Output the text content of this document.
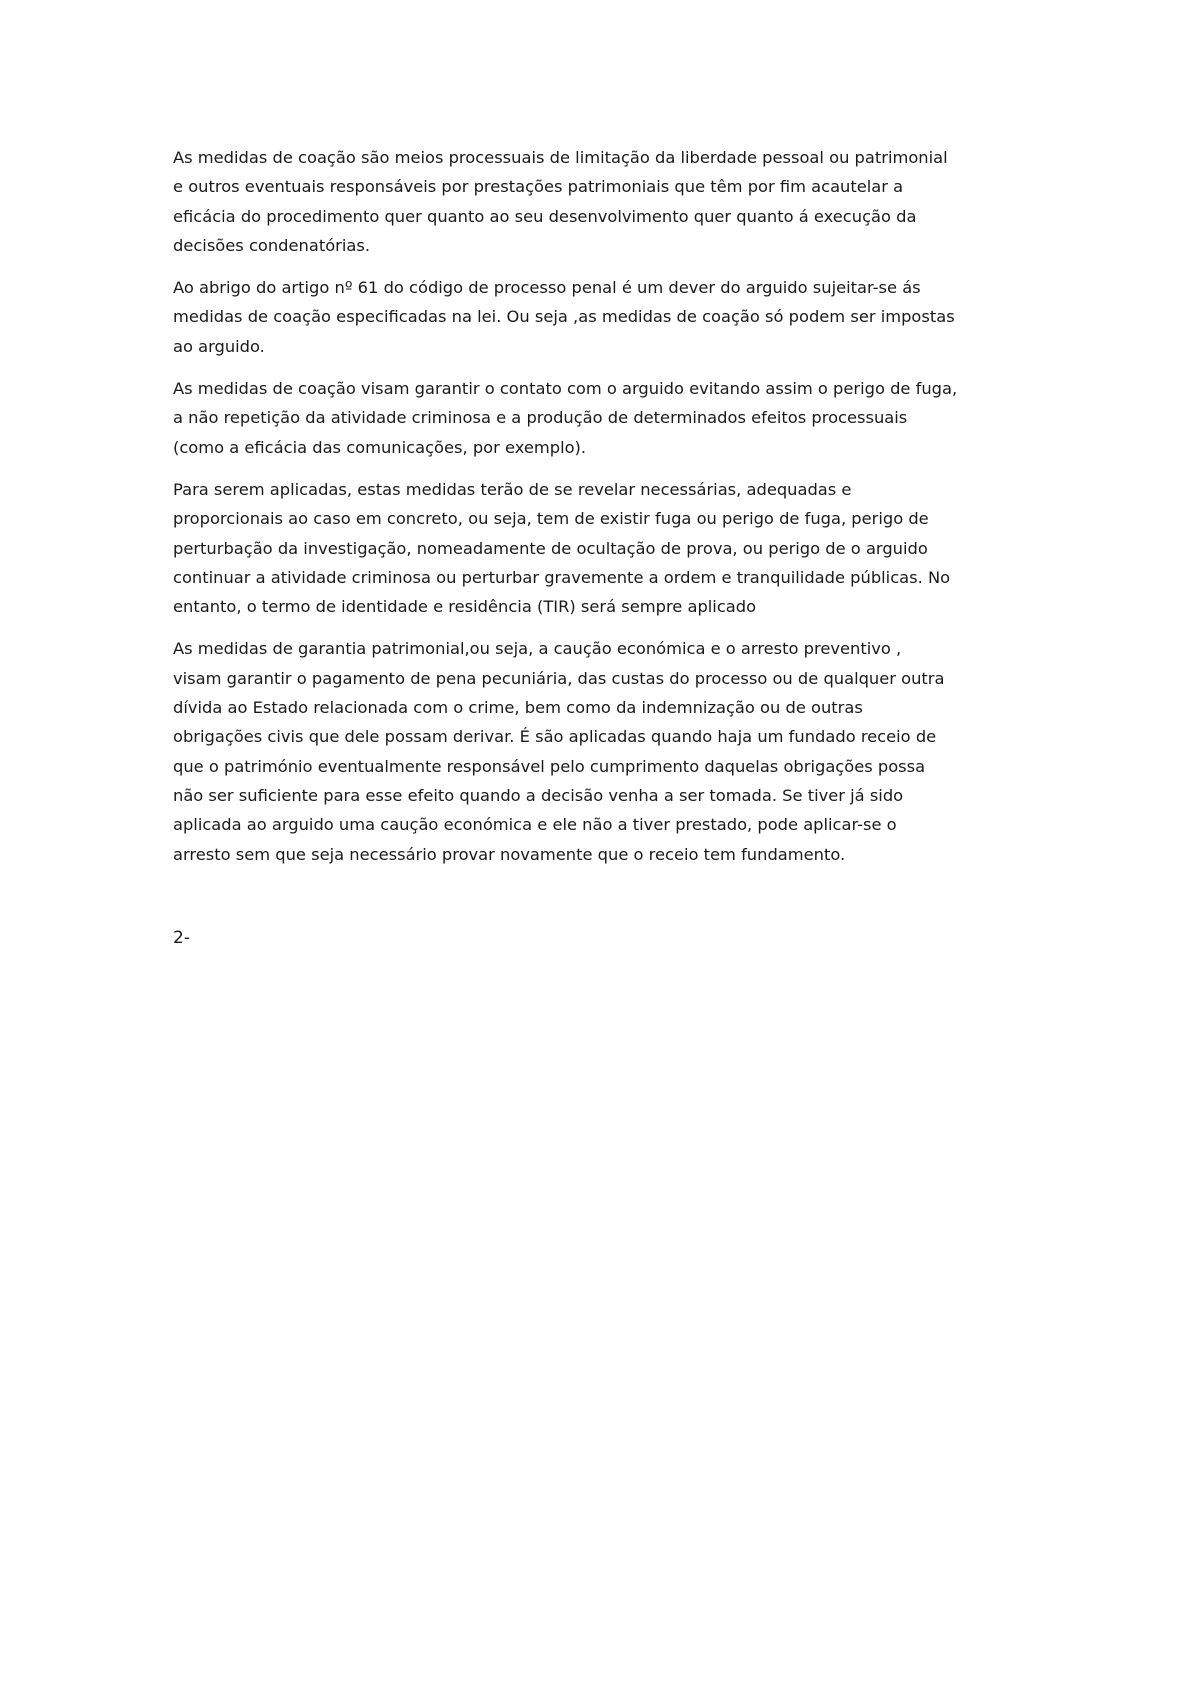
As medidas de coação são meios processuais de limitação da liberdade pessoal ou patrimonial
e outros eventuais responsáveis por prestações patrimoniais que têm por fim acautelar a
eficácia do procedimento quer quanto ao seu desenvolvimento quer quanto á execução da
decisões condenatórias.

Ao abrigo do artigo nº 61 do código de processo penal é um dever do arguido sujeitar-se ás
medidas de coação especificadas na lei. Ou seja ,as medidas de coação só podem ser impostas
ao arguido.

As medidas de coação visam garantir o contato com o arguido evitando assim o perigo de fuga,
a não repetição da atividade criminosa e a produção de determinados efeitos processuais
(como a eficácia das comunicações, por exemplo).

Para serem aplicadas, estas medidas terão de se revelar necessárias, adequadas e
proporcionais ao caso em concreto, ou seja, tem de existir fuga ou perigo de fuga, perigo de
perturbação da investigação, nomeadamente de ocultação de prova, ou perigo de o arguido
continuar a atividade criminosa ou perturbar gravemente a ordem e tranquilidade públicas. No
entanto, o termo de identidade e residência (TIR) será sempre aplicado

As medidas de garantia patrimonial,ou seja, a caução económica e o arresto preventivo ,
visam garantir o pagamento de pena pecuniária, das custas do processo ou de qualquer outra
dívida ao Estado relacionada com o crime, bem como da indemnização ou de outras
obrigações civis que dele possam derivar. É são aplicadas quando haja um fundado receio de
que o património eventualmente responsável pelo cumprimento daquelas obrigações possa
não ser suficiente para esse efeito quando a decisão venha a ser tomada. Se tiver já sido
aplicada ao arguido uma caução económica e ele não a tiver prestado, pode aplicar-se o
arresto sem que seja necessário provar novamente que o receio tem fundamento.

2-
